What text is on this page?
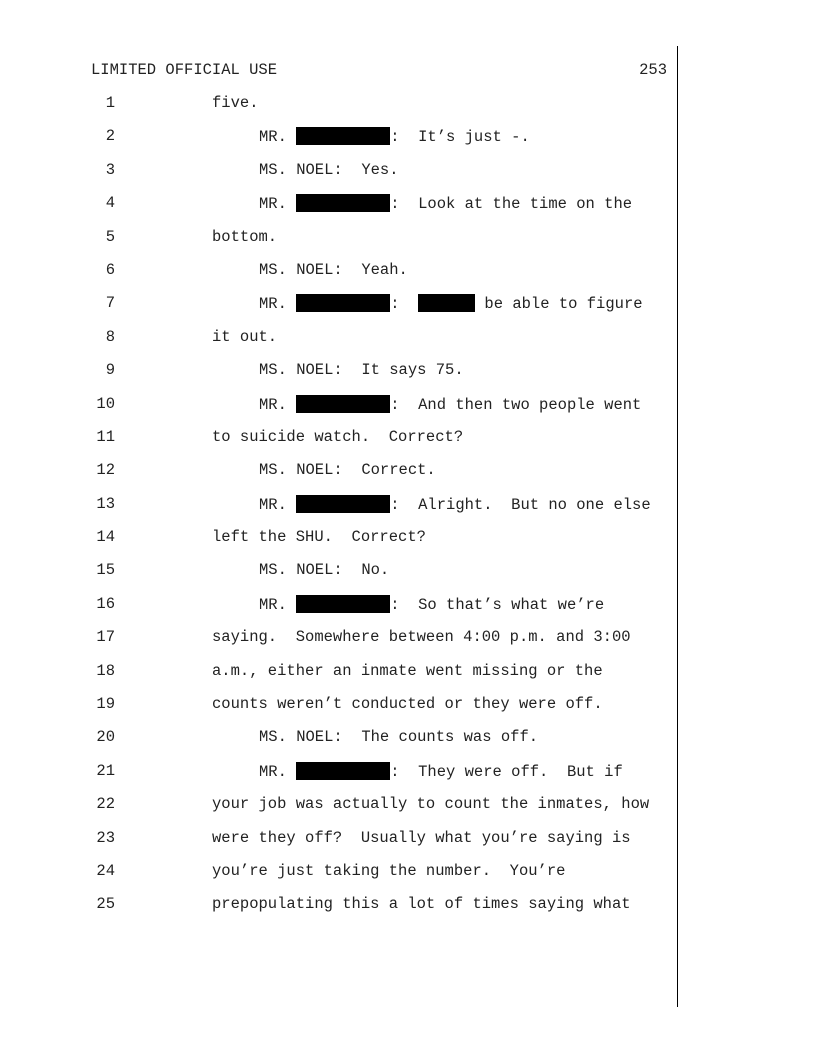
LIMITED OFFICIAL USE	253
1	five.
2	MR.	:  It’s just -.
3	MS. NOEL:  Yes.
4	MR.	:  Look at the time on the
5	bottom.
6	MS. NOEL:  Yeah.
7	MR.	:	be able to figure
8	it out.
9	MS. NOEL:  It says 75.
10	MR.	:  And then two people went
11	to suicide watch.  Correct?
12	MS. NOEL:  Correct.
13	MR.	:  Alright.  But no one else
14	left the SHU.  Correct?
15	MS. NOEL:  No.
16	MR.	:  So that’s what we’re
17	saying.  Somewhere between 4:00 p.m. and 3:00
18	a.m., either an inmate went missing or the
19	counts weren’t conducted or they were off.
20	MS. NOEL:  The counts was off.
21	MR.	:  They were off.  But if
22	your job was actually to count the inmates, how
23	were they off?  Usually what you’re saying is
24	you’re just taking the number.  You’re
25	prepopulating this a lot of times saying what
